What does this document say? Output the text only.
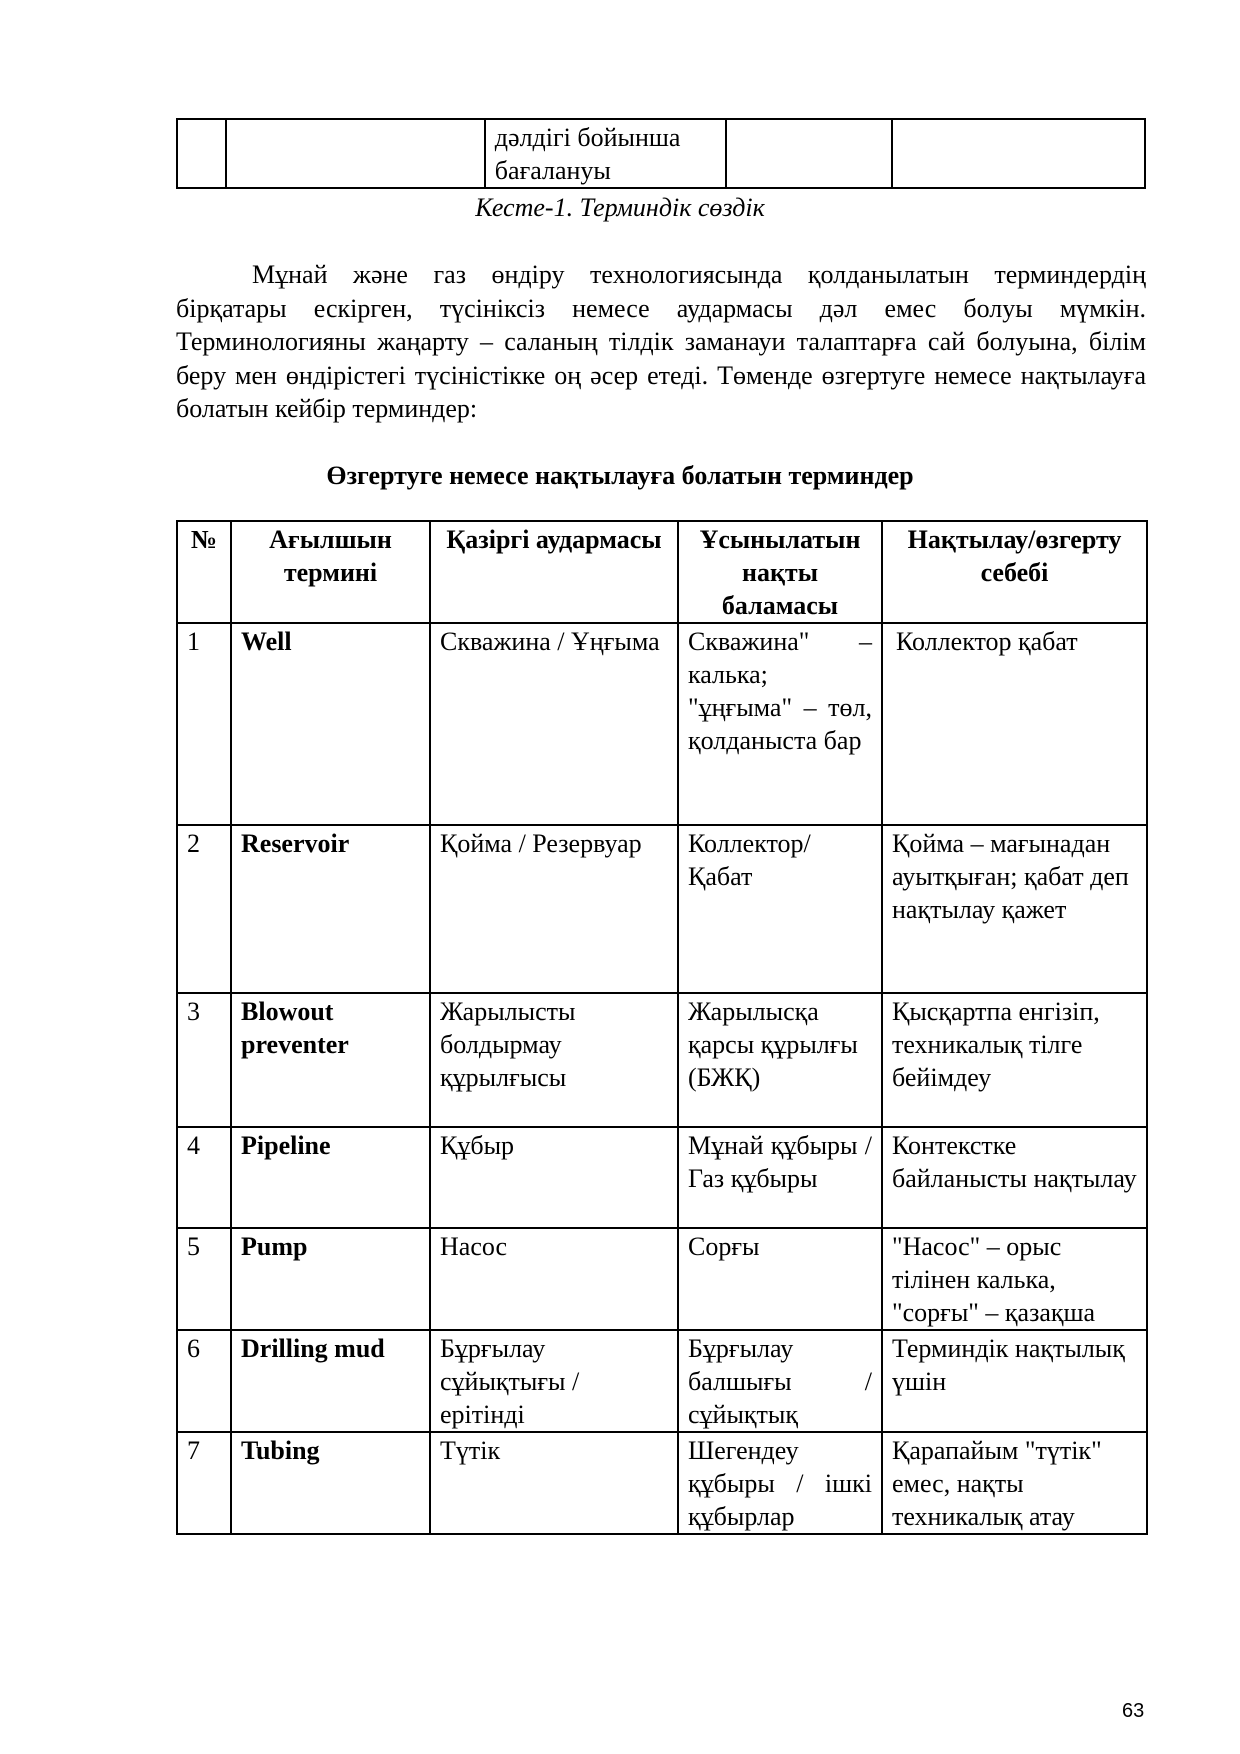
		дәлдігі бойынша бағалануы		
Кесте-1. Терминдік сөздік

Мұнай және газ өндіру технологиясында қолданылатын терминдердің бірқатары ескірген, түсініксіз немесе аудармасы дәл емес болуы мүмкін. Терминологияны жаңарту – саланың тілдік заманауи талаптарға сай болуына, білім беру мен өндірістегі түсіністікке оң әсер етеді. Төменде өзгертуге немесе нақтылауға болатын кейбір терминдер:

Өзгертуге немесе нақтылауға болатын терминдер
№	Ағылшын термині	Қазіргі аудармасы	Ұсынылатын нақты баламасы	Нақтылау/өзгерту себебі
1	Well	Скважина / Ұңғыма	Скважина" – калька; "ұңғыма" – төл, қолданыста бар	Коллектор қабат
2	Reservoir	Қойма / Резервуар	Коллектор/ Қабат	Қойма – мағынадан ауытқыған; қабат деп нақтылау қажет
3	Blowout preventer	Жарылысты болдырмау құрылғысы	Жарылысқа қарсы құрылғы (БЖҚ)	Қысқартпа енгізіп, техникалық тілге бейімдеу
4	Pipeline	Құбыр	Мұнай құбыры / Газ құбыры	Контекстке байланысты нақтылау
5	Pump	Насос	Сорғы	"Насос" – орыс тілінен калька, "сорғы" – қазақша
6	Drilling mud	Бұрғылау сұйықтығы / ерітінді	Бұрғылау балшығы / сұйықтық	Терминдік нақтылық үшін
7	Tubing	Түтік	Шегендеу құбыры / ішкі құбырлар	Қарапайым "түтік" емес, нақты техникалық атау
63
